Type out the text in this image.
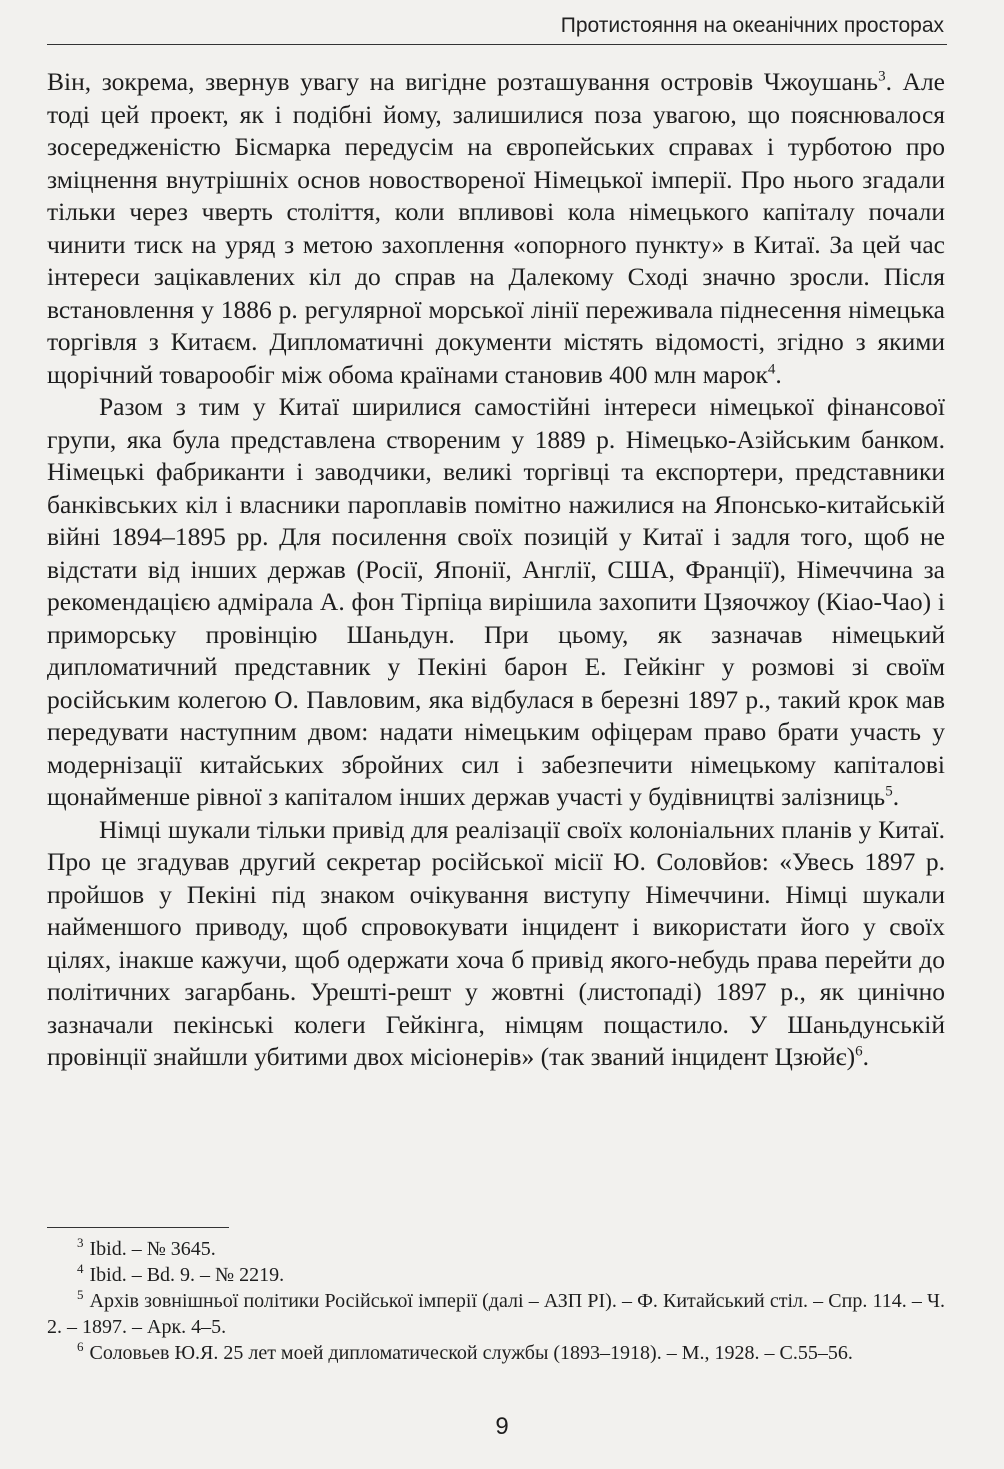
Протистояння на океанічних просторах

Він, зокрема, звернув увагу на вигідне розташування островів Чжоушань$^3$. Але тоді цей проект, як і подібні йому, залишилися поза увагою, що пояснювалося зосередженістю Бісмарка передусім на європейських справах і турботою про зміцнення внутрішніх основ новоствореної Німецької імперії. Про нього згадали тільки через чверть століття, коли впливові кола німецького капіталу почали чинити тиск на уряд з метою захоплення «опорного пункту» в Китаї. За цей час інтереси зацікавлених кіл до справ на Далекому Сході значно зросли. Після встановлення у 1886 р. регулярної морської лінії переживала піднесення німецька торгівля з Китаєм. Дипломатичні документи містять відомості, згідно з якими щорічний товарообіг між обома країнами становив 400 млн марок$^4$.

Разом з тим у Китаї ширилися самостійні інтереси німецької фінансової групи, яка була представлена створеним у 1889 р. Німецько-Азійським банком. Німецькі фабриканти і заводчики, великі торгівці та експортери, представники банківських кіл і власники пароплавів помітно нажилися на Японсько-китайській війні 1894–1895 рр. Для посилення своїх позицій у Китаї і задля того, щоб не відстати від інших держав (Росії, Японії, Англії, США, Франції), Німеччина за рекомендацією адмірала А. фон Тірпіца вирішила захопити Цзяочжоу (Кіао-Чао) і приморську провінцію Шаньдун. При цьому, як зазначав німецький дипломатичний представник у Пекіні барон Е. Гейкінг у розмові зі своїм російським колегою О. Павловим, яка відбулася в березні 1897 р., такий крок мав передувати наступним двом: надати німецьким офіцерам право брати участь у модернізації китайських збройних сил і забезпечити німецькому капіталові щонайменше рівної з капіталом інших держав участі у будівництві залізниць$^5$.

Німці шукали тільки привід для реалізації своїх колоніальних планів у Китаї. Про це згадував другий секретар російської місії Ю. Соловйов: «Увесь 1897 р. пройшов у Пекіні під знаком очікування виступу Німеччини. Німці шукали найменшого приводу, щоб спровокувати інцидент і використати його у своїх цілях, інакше кажучи, щоб одержати хоча б привід якого-небудь права перейти до політичних загарбань. Урешті-решт у жовтні (листопаді) 1897 р., як цинічно зазначали пекінські колеги Гейкінга, німцям пощастило. У Шаньдунській провінції знайшли убитими двох місіонерів» (так званий інцидент Цзюйє)$^6$.

$^3$ Ibid. – № 3645.

$^4$ Ibid. – Bd. 9. – № 2219.

$^5$ Архів зовнішньої політики Російської імперії (далі – АЗП РІ). – Ф. Китайський стіл. – Спр. 114. – Ч. 2. – 1897. – Арк. 4–5.

$^6$ Соловьев Ю.Я. 25 лет моей дипломатической службы (1893–1918). – М., 1928. – С.55–56.

9
